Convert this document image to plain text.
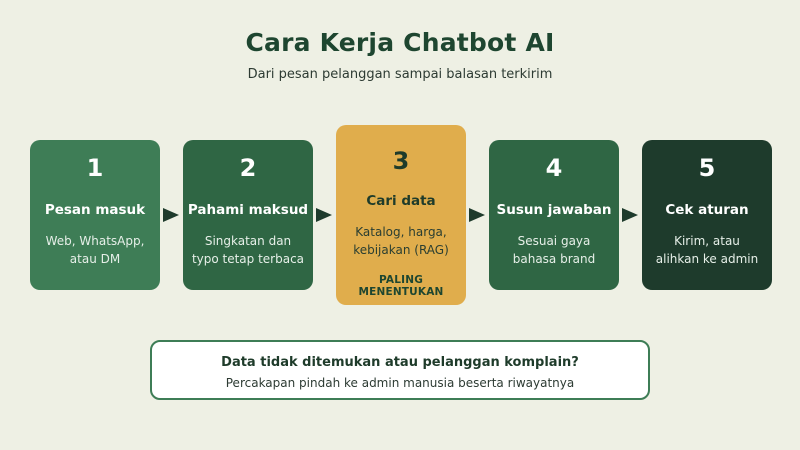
Cara Kerja Chatbot AI
Dari pesan pelanggan sampai balasan terkirim
1
Pesan masuk
Web, WhatsApp,
atau DM
2
Pahami maksud
Singkatan dan
typo tetap terbaca
3
Cari data
Katalog, harga,
kebijakan (RAG)
PALING MENENTUKAN
4
Susun jawaban
Sesuai gaya
bahasa brand
5
Cek aturan
Kirim, atau
alihkan ke admin
Data tidak ditemukan atau pelanggan komplain?
Percakapan pindah ke admin manusia beserta riwayatnya
